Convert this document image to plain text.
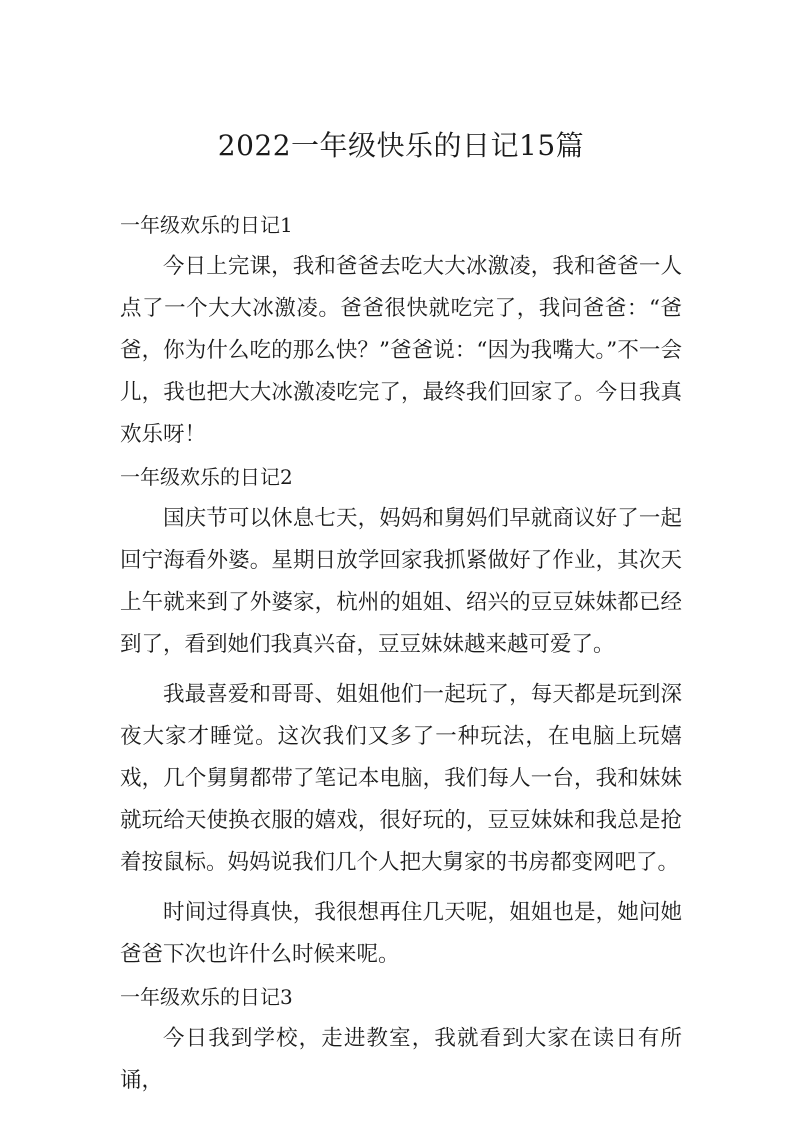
2022一年级快乐的日记15篇
一年级欢乐的日记1

今日上完课，我和爸爸去吃大大冰激凌，我和爸爸一人点了一个大大冰激凌。爸爸很快就吃完了，我问爸爸：“爸爸，你为什么吃的那么快？”爸爸说：“因为我嘴大。”不一会儿，我也把大大冰激凌吃完了，最终我们回家了。今日我真欢乐呀！

一年级欢乐的日记2

国庆节可以休息七天，妈妈和舅妈们早就商议好了一起回宁海看外婆。星期日放学回家我抓紧做好了作业，其次天上午就来到了外婆家，杭州的姐姐、绍兴的豆豆妹妹都已经到了，看到她们我真兴奋，豆豆妹妹越来越可爱了。

我最喜爱和哥哥、姐姐他们一起玩了，每天都是玩到深夜大家才睡觉。这次我们又多了一种玩法，在电脑上玩嬉戏，几个舅舅都带了笔记本电脑，我们每人一台，我和妹妹就玩给天使换衣服的嬉戏，很好玩的，豆豆妹妹和我总是抢着按鼠标。妈妈说我们几个人把大舅家的书房都变网吧了。

时间过得真快，我很想再住几天呢，姐姐也是，她问她爸爸下次也许什么时候来呢。

一年级欢乐的日记3

今日我到学校，走进教室，我就看到大家在读日有所诵，
